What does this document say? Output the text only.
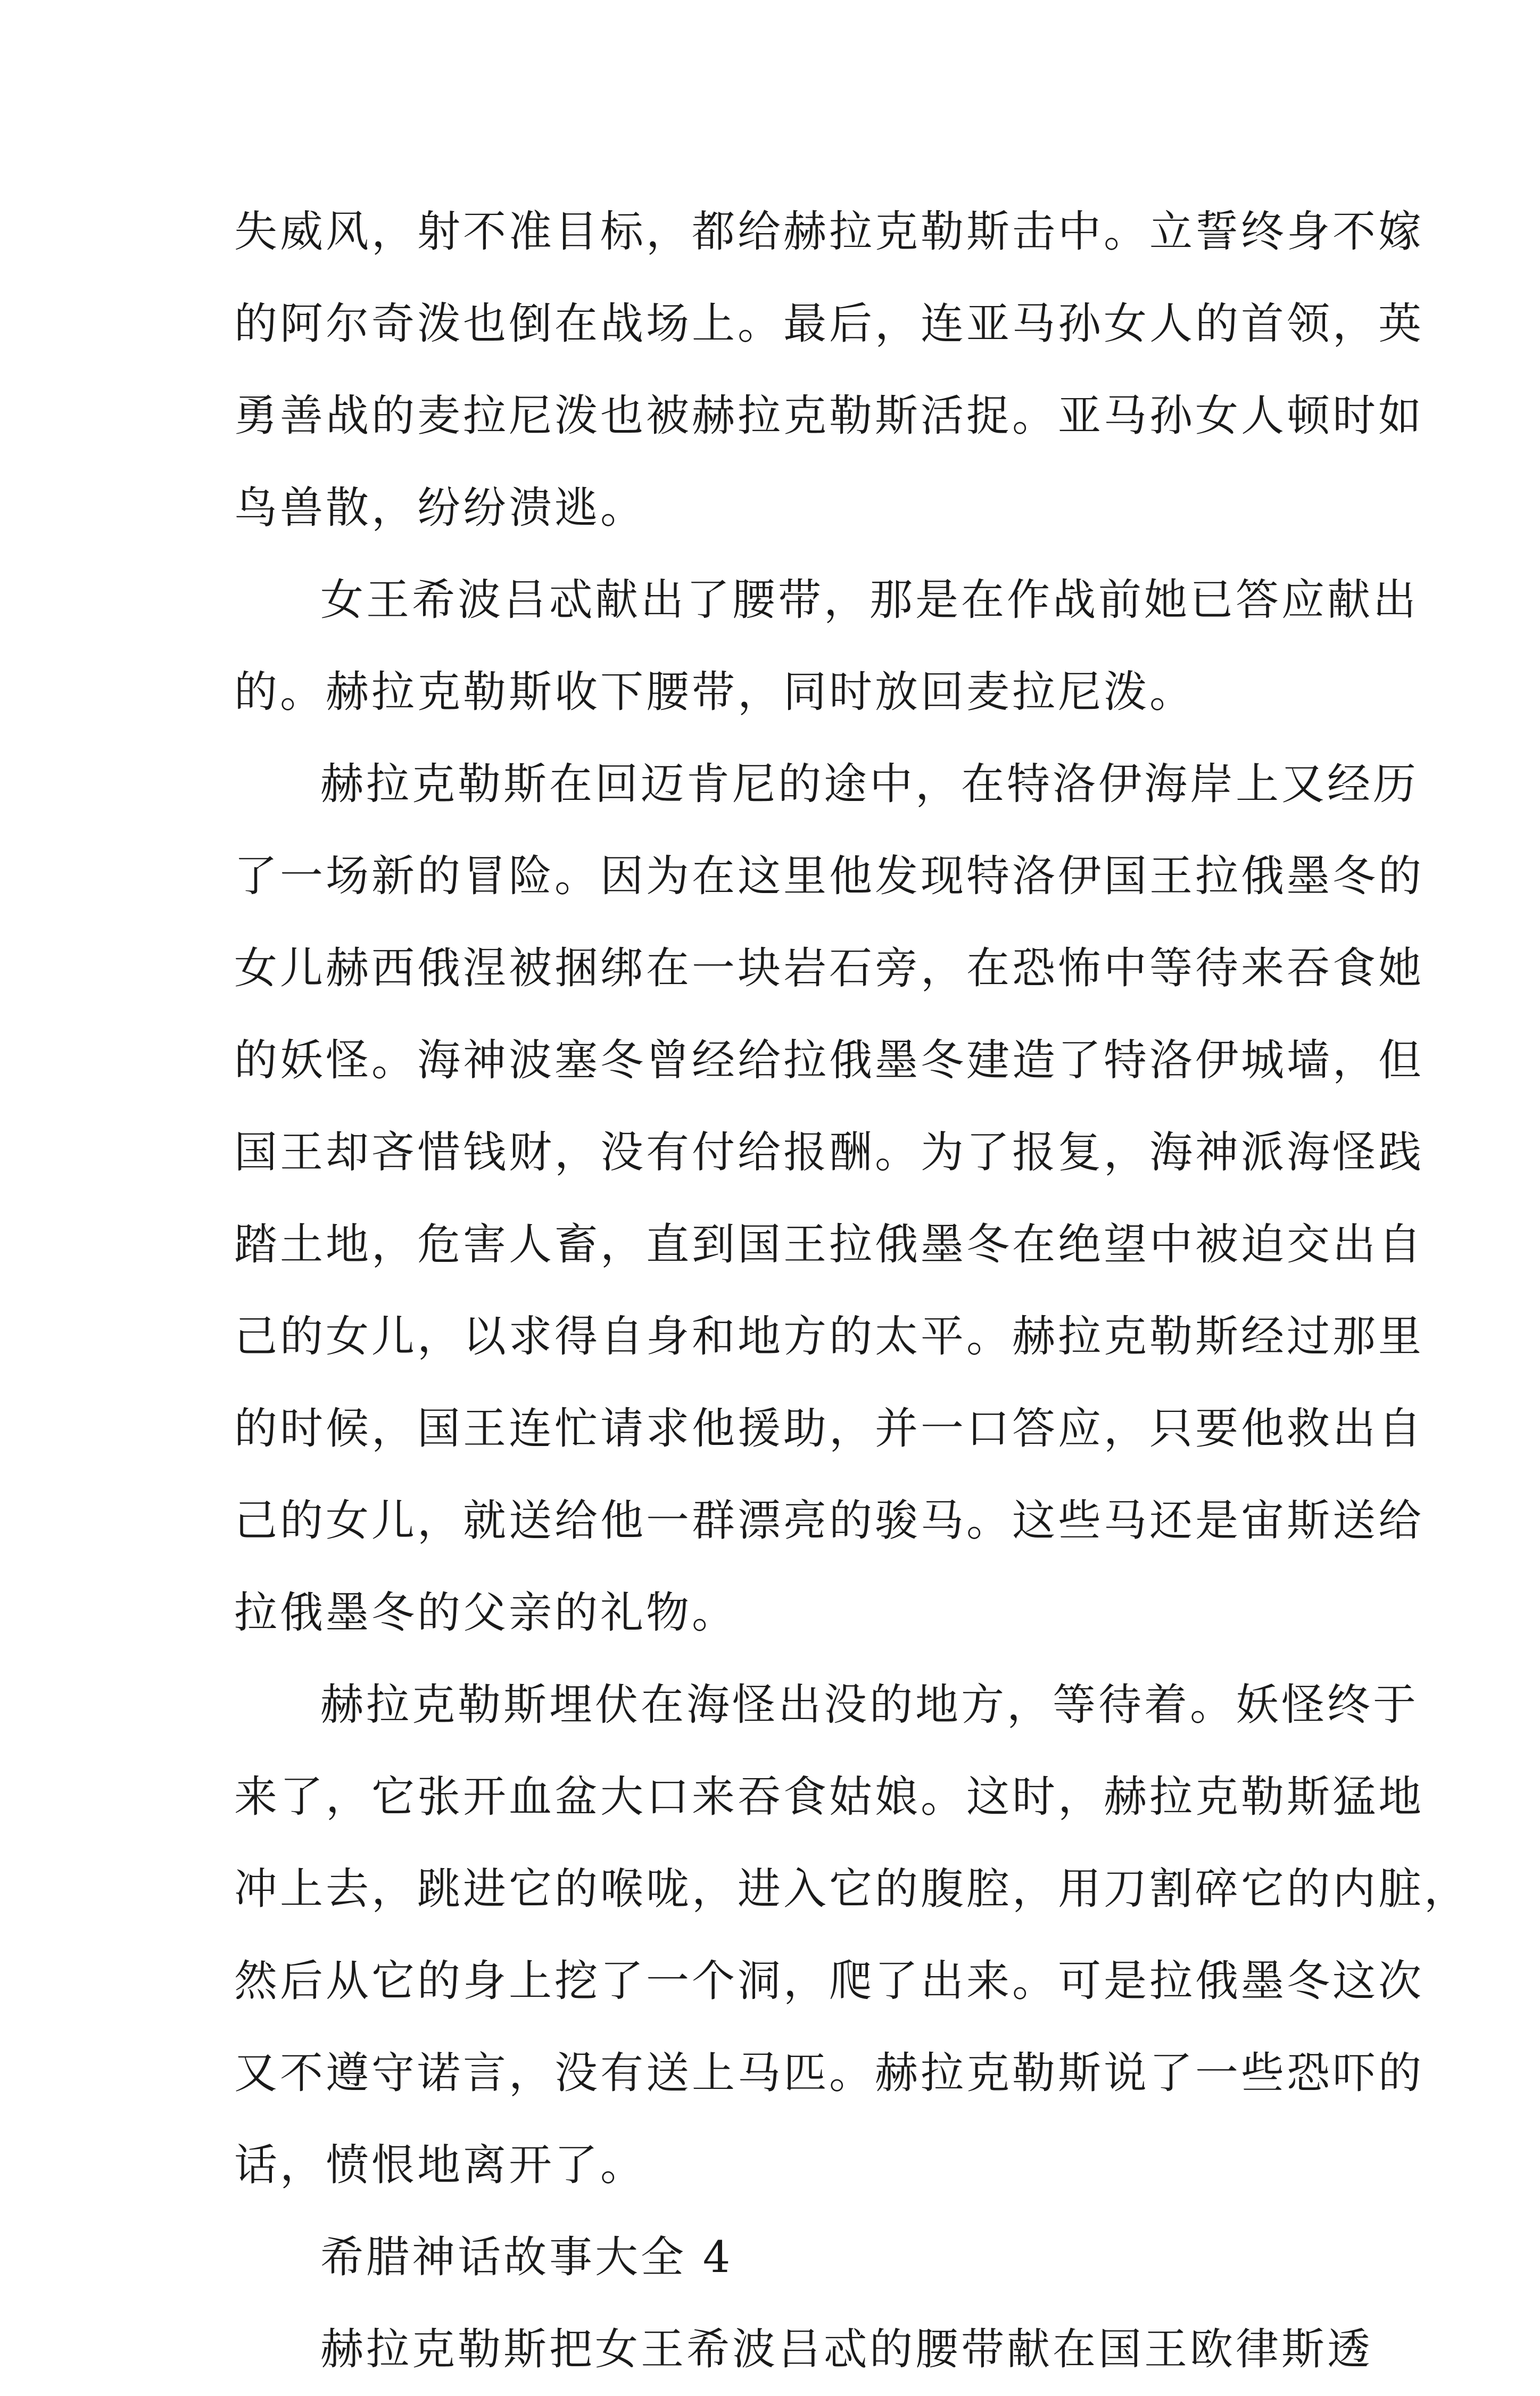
失威风，射不准目标，都给赫拉克勒斯击中。立誓终身不嫁
的阿尔奇泼也倒在战场上。最后，连亚马孙女人的首领，英
勇善战的麦拉尼泼也被赫拉克勒斯活捉。亚马孙女人顿时如
鸟兽散，纷纷溃逃。
女王希波吕忒献出了腰带，那是在作战前她已答应献出
的。赫拉克勒斯收下腰带，同时放回麦拉尼泼。
赫拉克勒斯在回迈肯尼的途中，在特洛伊海岸上又经历
了一场新的冒险。因为在这里他发现特洛伊国王拉俄墨冬的
女儿赫西俄涅被捆绑在一块岩石旁，在恐怖中等待来吞食她
的妖怪。海神波塞冬曾经给拉俄墨冬建造了特洛伊城墙，但
国王却吝惜钱财，没有付给报酬。为了报复，海神派海怪践
踏土地，危害人畜，直到国王拉俄墨冬在绝望中被迫交出自
己的女儿，以求得自身和地方的太平。赫拉克勒斯经过那里
的时候，国王连忙请求他援助，并一口答应，只要他救出自
己的女儿，就送给他一群漂亮的骏马。这些马还是宙斯送给
拉俄墨冬的父亲的礼物。
赫拉克勒斯埋伏在海怪出没的地方，等待着。妖怪终于
来了，它张开血盆大口来吞食姑娘。这时，赫拉克勒斯猛地
冲上去，跳进它的喉咙，进入它的腹腔，用刀割碎它的内脏，
然后从它的身上挖了一个洞，爬了出来。可是拉俄墨冬这次
又不遵守诺言，没有送上马匹。赫拉克勒斯说了一些恐吓的
话，愤恨地离开了。
希腊神话故事大全 4
赫拉克勒斯把女王希波吕忒的腰带献在国王欧律斯透
